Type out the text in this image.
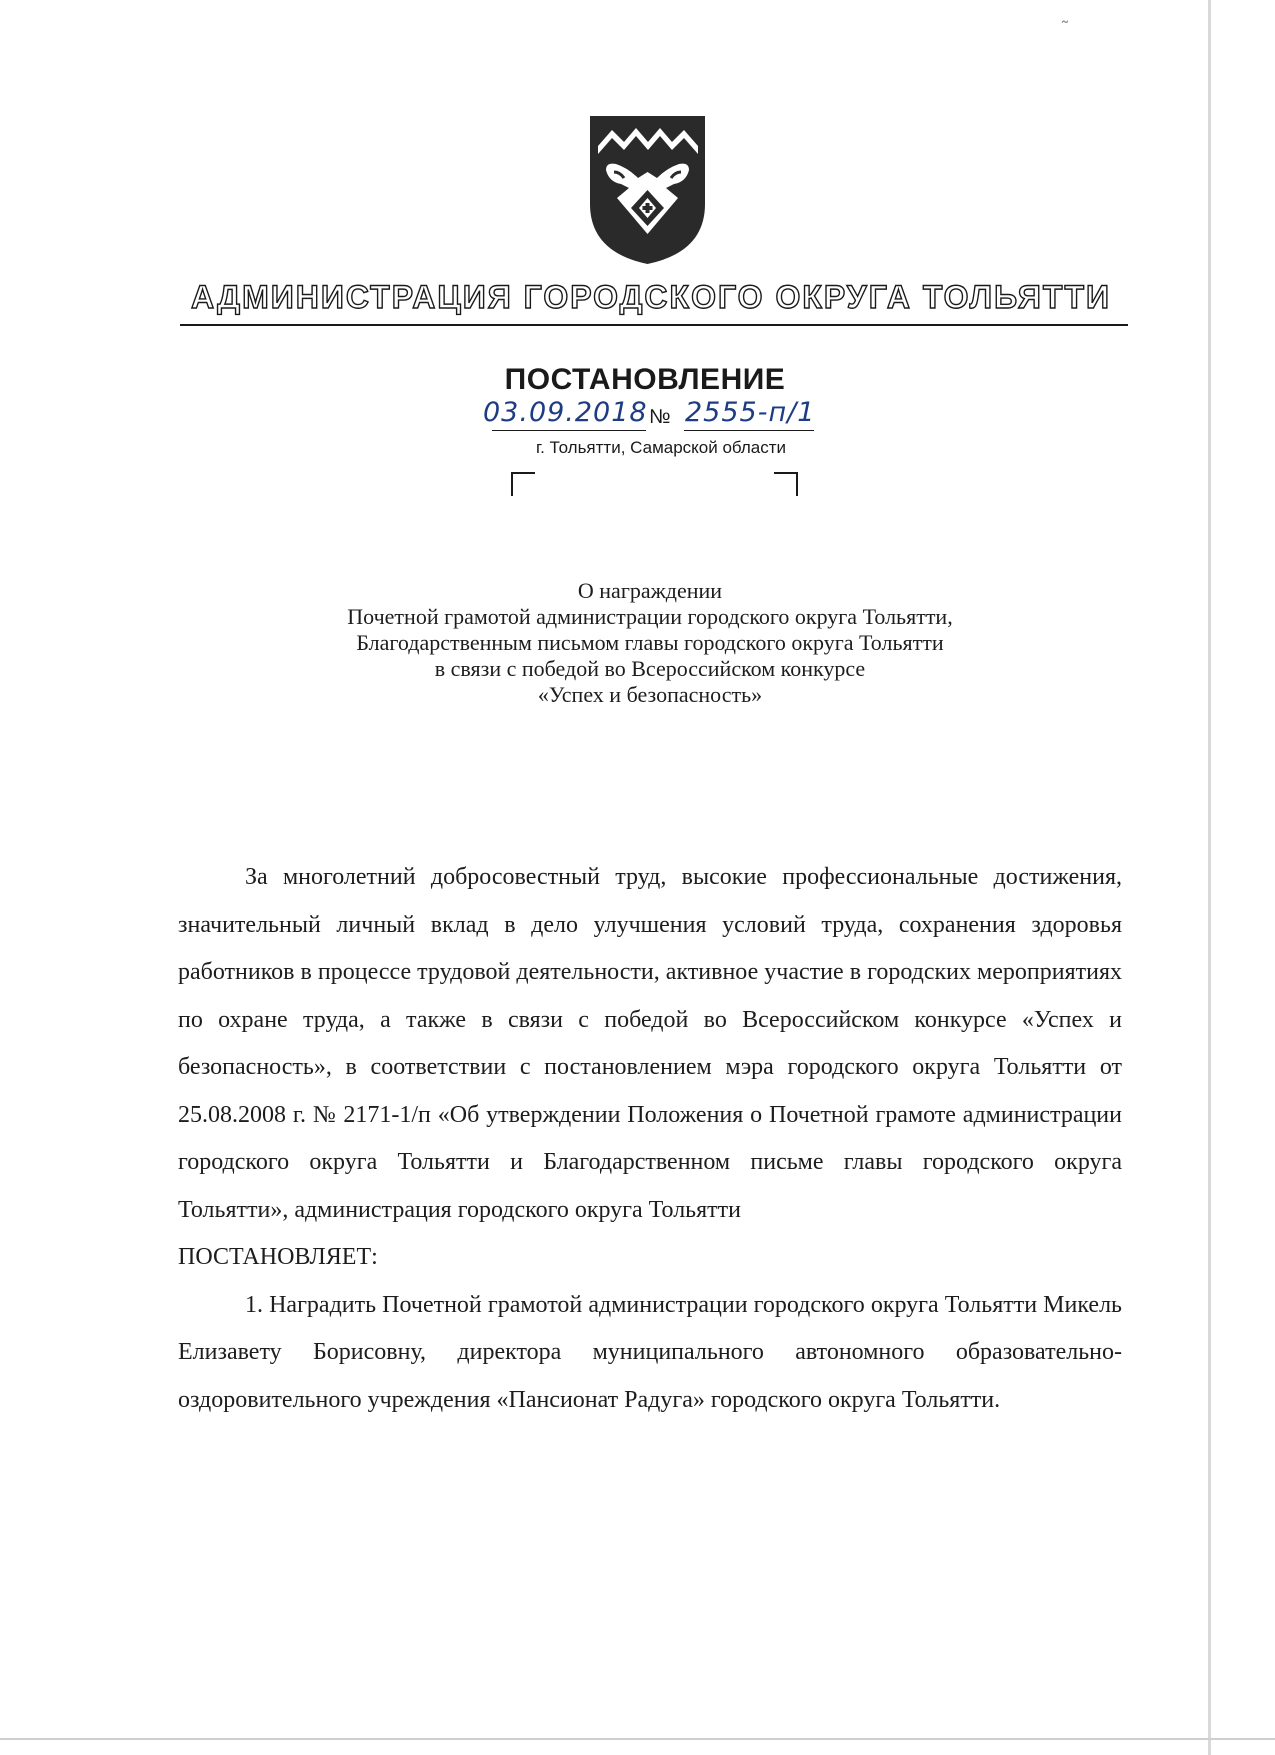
˜
АДМИНИСТРАЦИЯ ГОРОДСКОГО ОКРУГА ТОЛЬЯТТИ
ПОСТАНОВЛЕНИЕ
03.09.2018 № 2555-п/1
г. Тольятти, Самарской области
О награждении
Почетной грамотой администрации городского округа Тольятти,
Благодарственным письмом главы городского округа Тольятти
в связи с победой во Всероссийском конкурсе
«Успех и безопасность»

За многолетний добросовестный труд, высокие профессиональные достижения, значительный личный вклад в дело улучшения условий труда, сохранения здоровья работников в процессе трудовой деятельности, активное участие в городских мероприятиях по охране труда, а также в связи с победой во Всероссийском конкурсе «Успех и безопасность», в соответствии с постановлением мэра городского округа Тольятти от 25.08.2008 г. № 2171-1/п «Об утверждении Положения о Почетной грамоте администрации городского округа Тольятти и Благодарственном письме главы городского округа Тольятти», администрация городского округа Тольятти

ПОСТАНОВЛЯЕТ:

1. Наградить Почетной грамотой администрации городского округа Тольятти Микель Елизавету Борисовну, директора муниципального автономного образовательно-оздоровительного учреждения «Пансионат Радуга» городского округа Тольятти.
